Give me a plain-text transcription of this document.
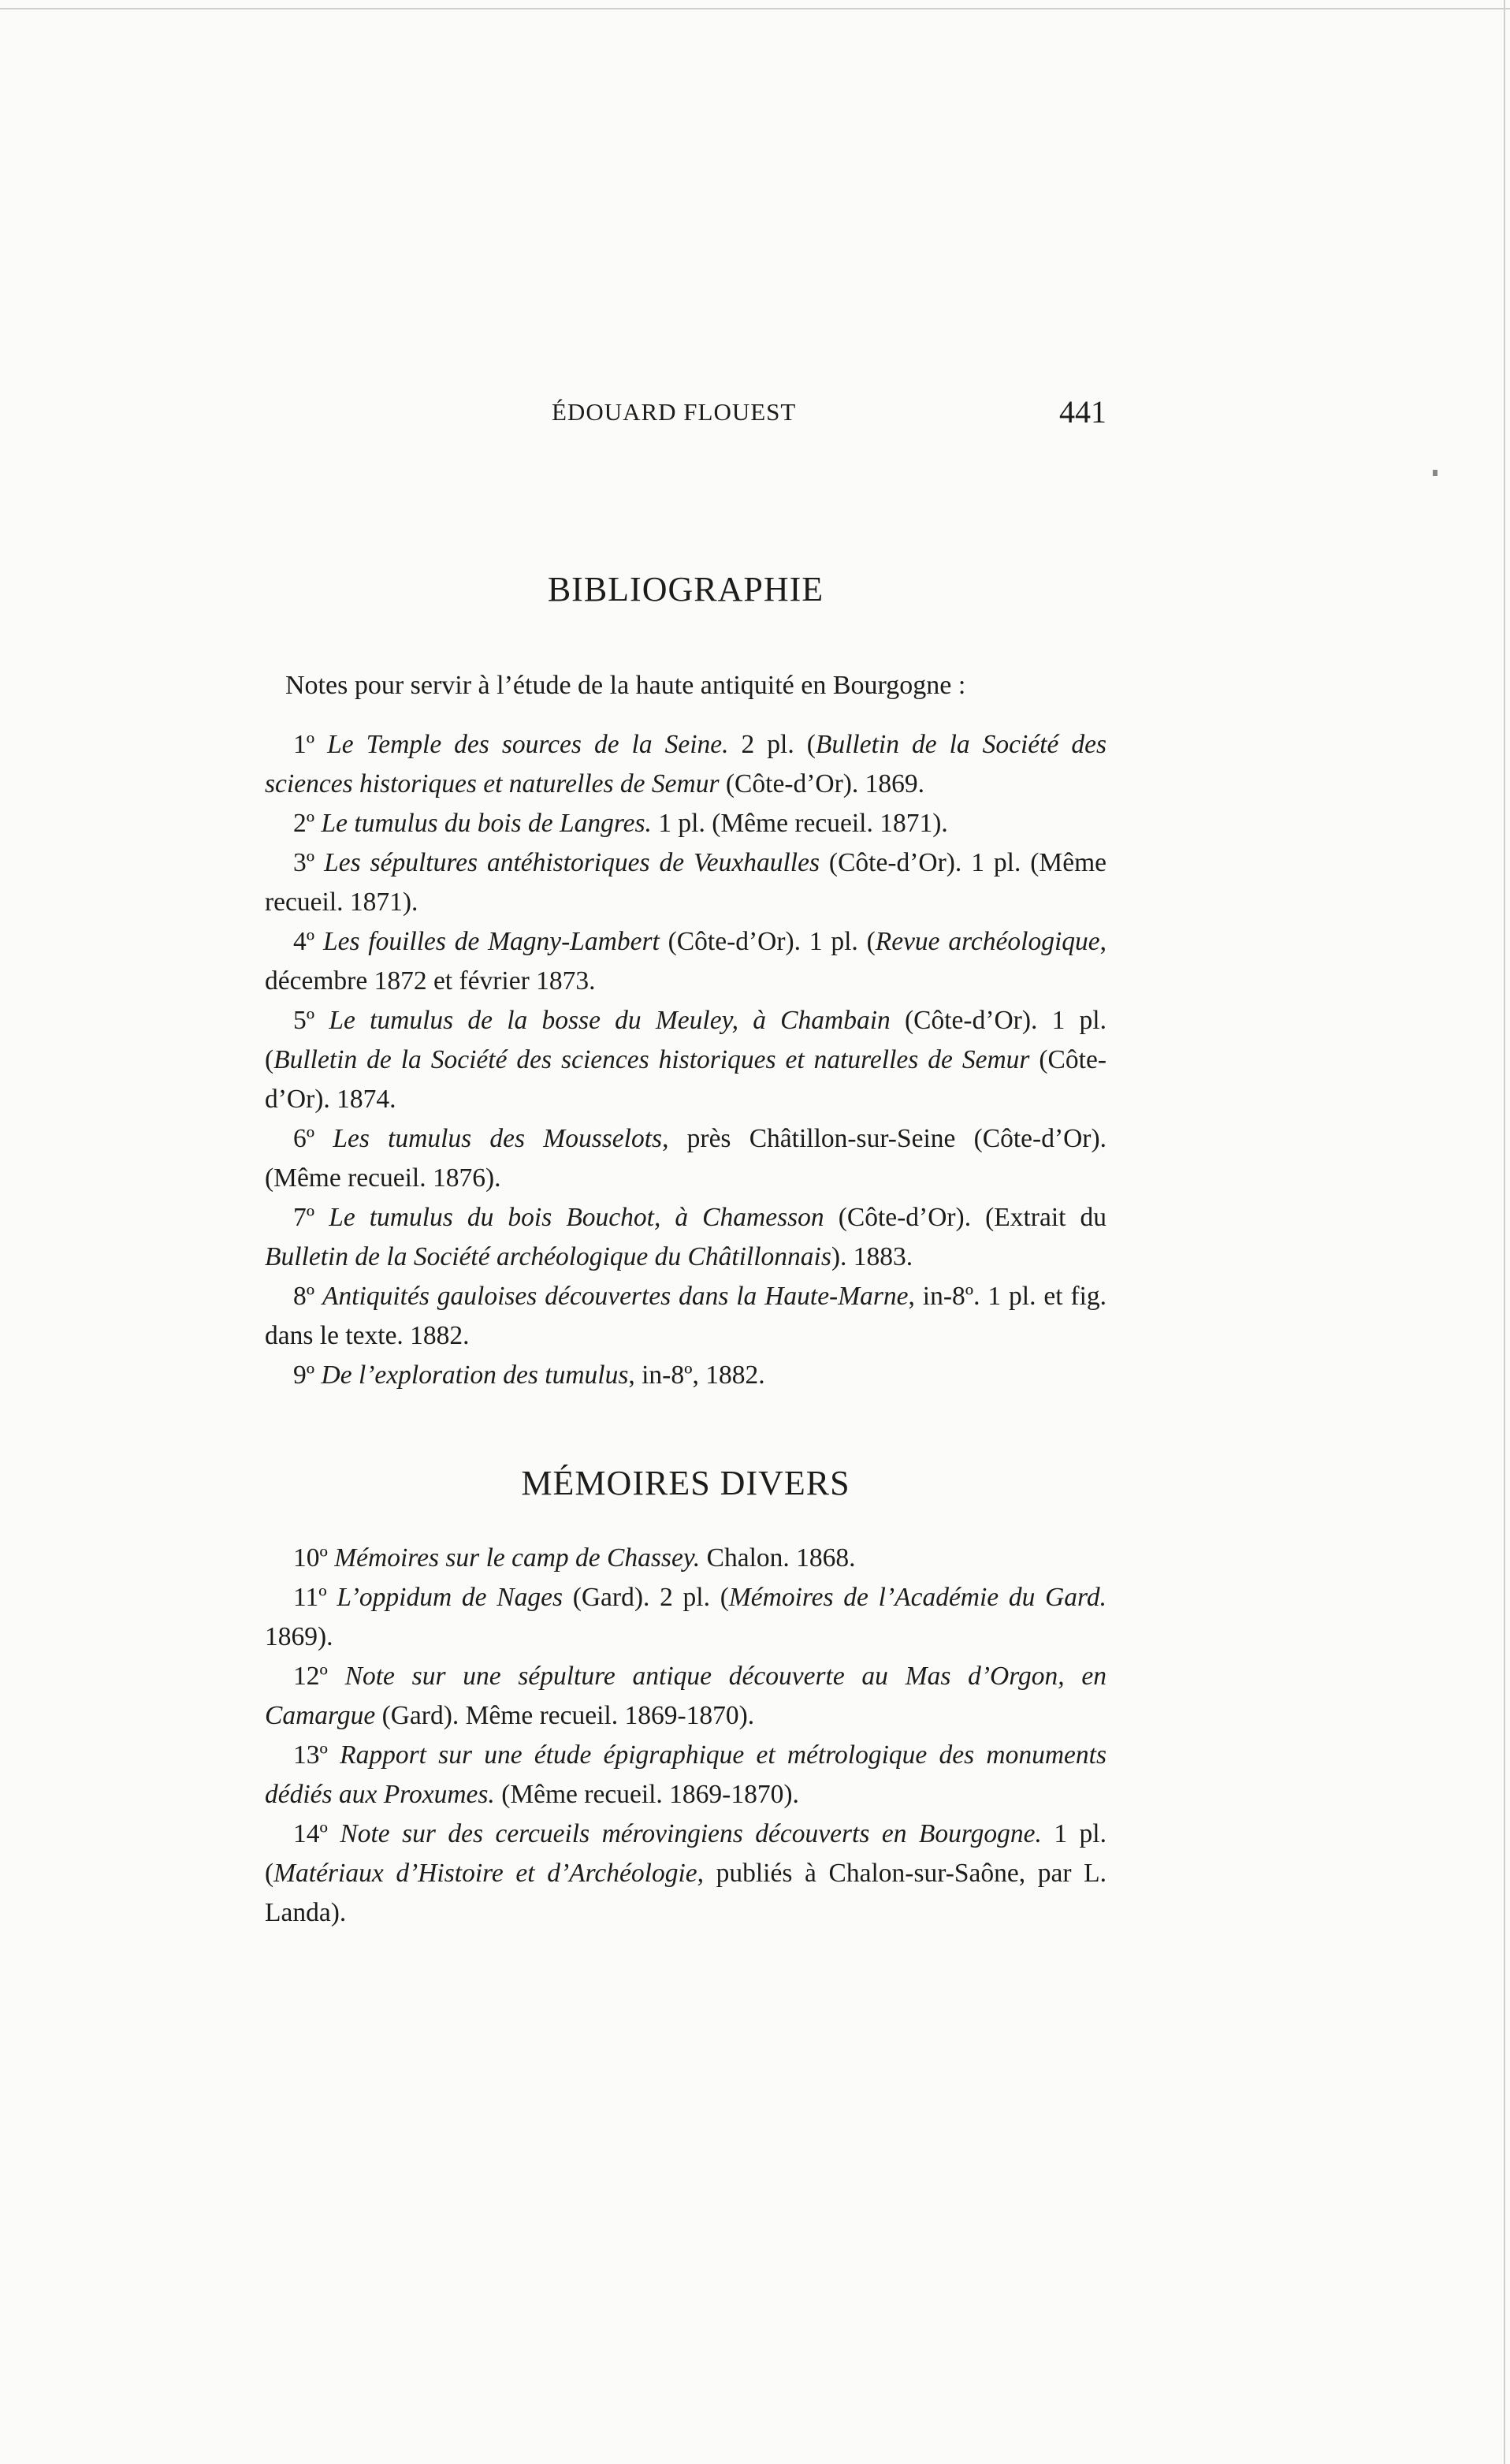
ÉDOUARD FLOUEST	441
BIBLIOGRAPHIE
Notes pour servir à l’étude de la haute antiquité en Bourgogne :

1º Le Temple des sources de la Seine. 2 pl. (Bulletin de la Société des sciences historiques et naturelles de Semur (Côte-d’Or). 1869.

2º Le tumulus du bois de Langres. 1 pl. (Même recueil. 1871).

3º Les sépultures antéhistoriques de Veuxhaulles (Côte-d’Or). 1 pl. (Même recueil. 1871).

4º Les fouilles de Magny-Lambert (Côte-d’Or). 1 pl. (Revue archéologique, décembre 1872 et février 1873.

5º Le tumulus de la bosse du Meuley, à Chambain (Côte-d’Or). 1 pl. (Bulletin de la Société des sciences historiques et naturelles de Semur (Côte-d’Or). 1874.

6º Les tumulus des Mousselots, près Châtillon-sur-Seine (Côte-d’Or). (Même recueil. 1876).

7º Le tumulus du bois Bouchot, à Chamesson (Côte-d’Or). (Extrait du Bulletin de la Société archéologique du Châtillonnais). 1883.

8º Antiquités gauloises découvertes dans la Haute-Marne, in-8º. 1 pl. et fig. dans le texte. 1882.

9º De l’exploration des tumulus, in-8º, 1882.

MÉMOIRES DIVERS

10º Mémoires sur le camp de Chassey. Chalon. 1868.

11º L’oppidum de Nages (Gard). 2 pl. (Mémoires de l’Académie du Gard. 1869).

12º Note sur une sépulture antique découverte au Mas d’Orgon, en Camargue (Gard). Même recueil. 1869-1870).

13º Rapport sur une étude épigraphique et métrologique des monuments dédiés aux Proxumes. (Même recueil. 1869-1870).

14º Note sur des cercueils mérovingiens découverts en Bourgogne. 1 pl. (Matériaux d’Histoire et d’Archéologie, publiés à Chalon-sur-Saône, par L. Landa).
